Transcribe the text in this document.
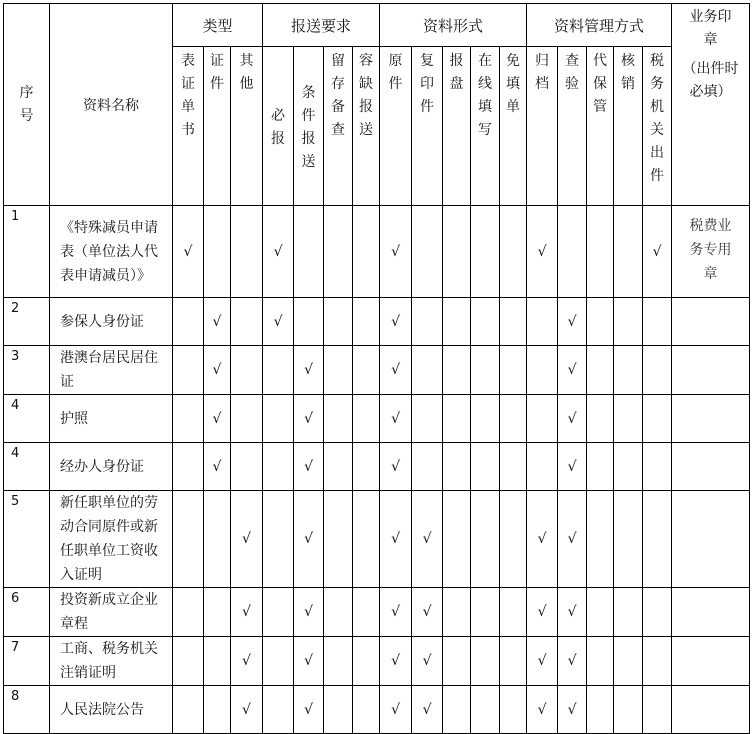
序号	资料名称	类型			报送要求				资料形式					资料管理方式					业务印章
（出件时必填）

		表证单书	证件	其他	必报	条件报送	留存备查	容缺报送	原件	复印件	报盘	在线填写	免填单	归档	查验	代保管	核销	税务机关出件	

1	《特殊减员申请表（单位法人代表申请减员）》	√			√				√					√				√	税费业务专用章

2	参保人身份证		√		√				√						√				

3	港澳台居民居住证		√			√			√						√				

4	护照		√			√			√						√				

4	经办人身份证		√			√			√						√				

5	新任职单位的劳动合同原件或新任职单位工资收入证明			√		√			√	√				√	√				

6	投资新成立企业章程			√		√			√	√				√	√				

7	工商、税务机关注销证明			√		√			√	√				√	√				

8	人民法院公告			√		√			√	√				√	√				
